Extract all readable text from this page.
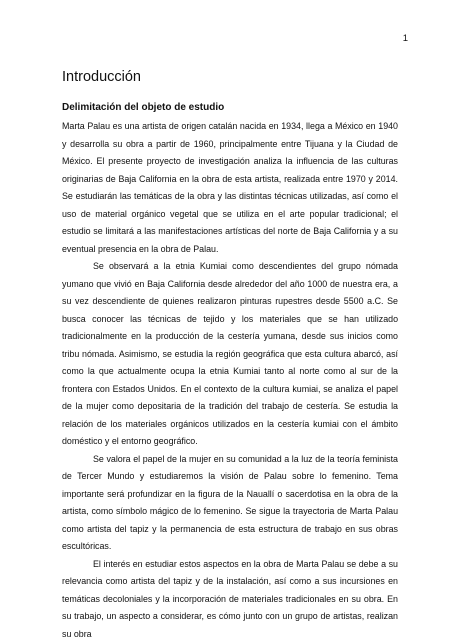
1
Introducción
Delimitación del objeto de estudio

Marta Palau es una artista de origen catalán nacida en 1934, llega a México en 1940 y desarrolla su obra a partir de 1960, principalmente entre Tijuana y la Ciudad de México. El presente proyecto de investigación analiza la influencia de las culturas originarias de Baja California en la obra de esta artista, realizada entre 1970 y 2014. Se estudiarán las temáticas de la obra y las distintas técnicas utilizadas, así como el uso de material orgánico vegetal que se utiliza en el arte popular tradicional; el estudio se limitará a las manifestaciones artísticas del norte de Baja California y a su eventual presencia en la obra de Palau.

Se observará a la etnia Kumiai como descendientes del grupo nómada yumano que vivió en Baja California desde alrededor del año 1000 de nuestra era, a su vez descendiente de quienes realizaron pinturas rupestres desde 5500 a.C. Se busca conocer las técnicas de tejido y los materiales que se han utilizado tradicionalmente en la producción de la cestería yumana, desde sus inicios como tribu nómada. Asimismo, se estudia la región geográfica que esta cultura abarcó, así como la que actualmente ocupa la etnia Kumiai tanto al norte como al sur de la frontera con Estados Unidos. En el contexto de la cultura kumiai, se analiza el papel de la mujer como depositaria de la tradición del trabajo de cestería. Se estudia la relación de los materiales orgánicos utilizados en la cestería kumiai con el ámbito doméstico y el entorno geográfico.

Se valora el papel de la mujer en su comunidad a la luz de la teoría feminista de Tercer Mundo y estudiaremos la visión de Palau sobre lo femenino. Tema importante será profundizar en la figura de la Nauallí o sacerdotisa en la obra de la artista, como símbolo mágico de lo femenino. Se sigue la trayectoria de Marta Palau como artista del tapiz y la permanencia de esta estructura de trabajo en sus obras escultóricas.

El interés en estudiar estos aspectos en la obra de Marta Palau se debe a su relevancia como artista del tapiz y de la instalación, así como a sus incursiones en temáticas decoloniales y la incorporación de materiales tradicionales en su obra. En su trabajo, un aspecto a considerar, es cómo junto con un grupo de artistas, realizan su obra
